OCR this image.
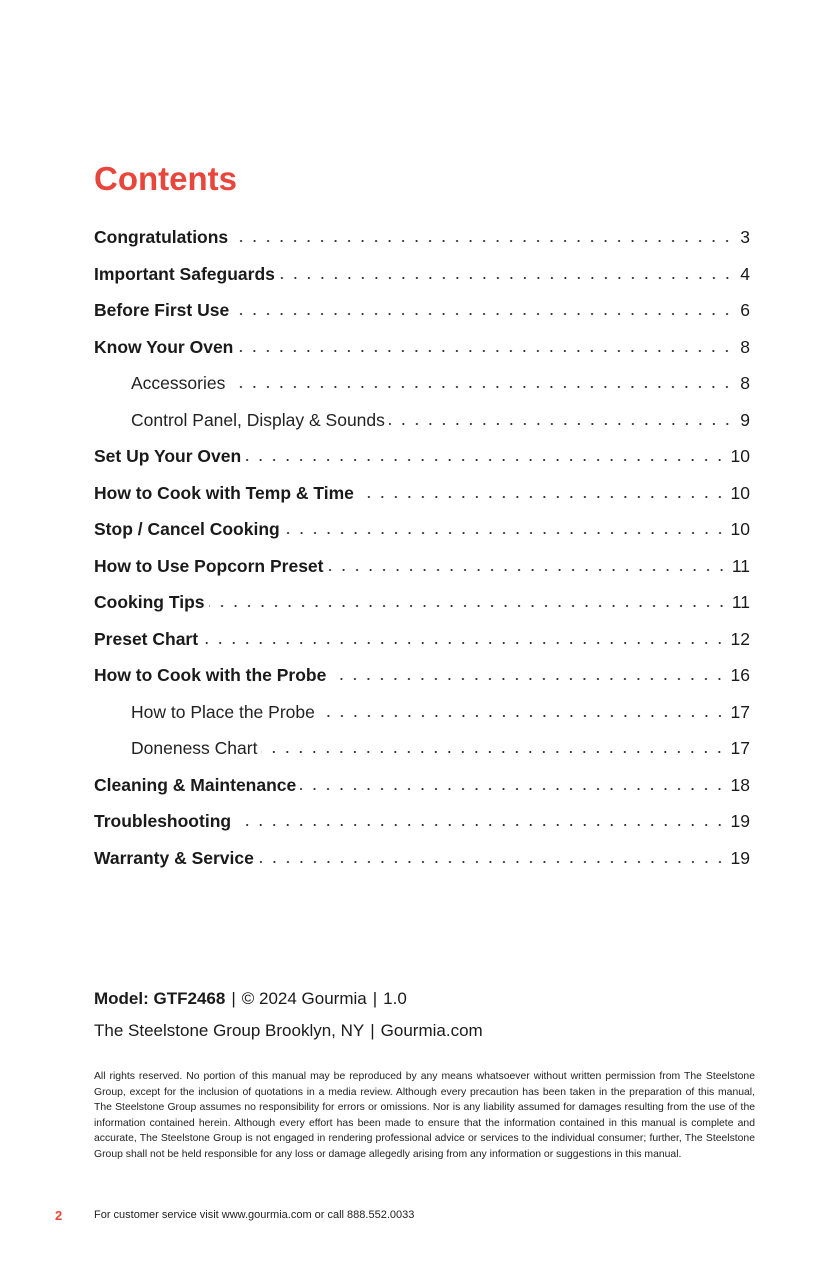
Contents
Congratulations	3
Important Safeguards	4
Before First Use	6
Know Your Oven	8
Accessories	8
Control Panel, Display & Sounds	9
Set Up Your Oven	10
How to Cook with Temp & Time	10
Stop / Cancel Cooking	10
How to Use Popcorn Preset	11
Cooking Tips	11
Preset Chart	12
How to Cook with the Probe	16
How to Place the Probe	17
Doneness Chart	17
Cleaning & Maintenance	18
Troubleshooting	19
Warranty & Service	19
Model: GTF2468 | © 2024 Gourmia | 1.0
The Steelstone Group Brooklyn, NY | Gourmia.com

All rights reserved. No portion of this manual may be reproduced by any means whatsoever without written permission from The Steelstone Group, except for the inclusion of quotations in a media review. Although every precaution has been taken in the preparation of this manual, The Steelstone Group assumes no responsibility for errors or omissions. Nor is any liability assumed for damages resulting from the use of the information contained herein. Although every effort has been made to ensure that the information contained in this manual is complete and accurate, The Steelstone Group is not engaged in rendering professional advice or services to the individual consumer; further, The Steelstone Group shall not be held responsible for any loss or damage allegedly arising from any information or suggestions in this manual.

2	For customer service visit www.gourmia.com or call 888.552.0033
